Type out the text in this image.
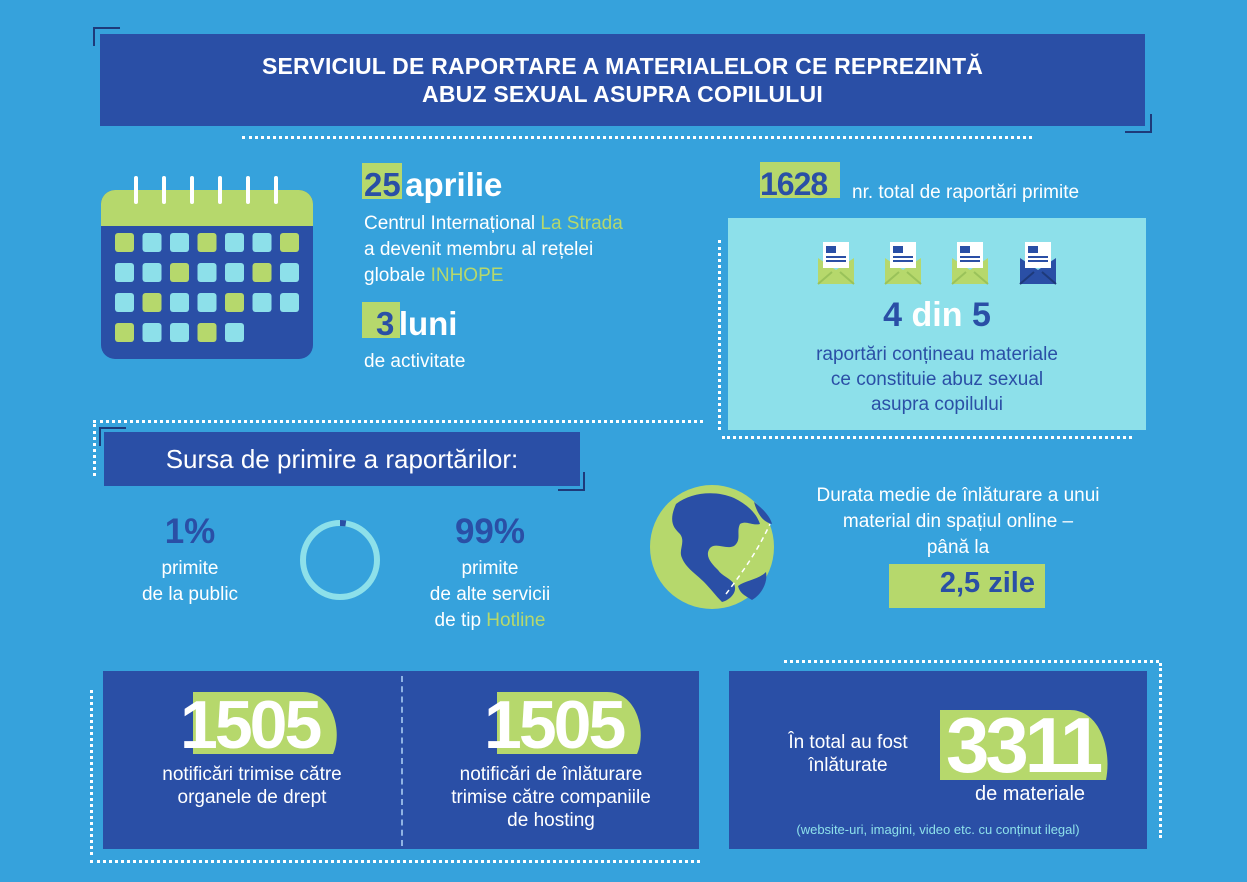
SERVICIUL DE RAPORTARE A MATERIALELOR CE REPREZINTĂ
ABUZ SEXUAL ASUPRA COPILULUI
25 aprilie
Centrul Internațional La Strada
a devenit membru al rețelei
globale INHOPE
3 luni
de activitate
1628 nr. total de raportări primite
4 din 5
raportări conțineau materiale
ce constituie abuz sexual
asupra copilului
Sursa de primire a raportărilor:
1%
primite
de la public
99%
primite
de alte servicii
de tip Hotline
Durata medie de înlăturare a unui
material din spațiul online –
până la
2,5 zile
1505
notificări trimise către
organele de drept
1505
notificări de înlăturare
trimise către companiile
de hosting
În total au fost
înlăturate 3311
de materiale
(website-uri, imagini, video etc. cu conținut ilegal)
